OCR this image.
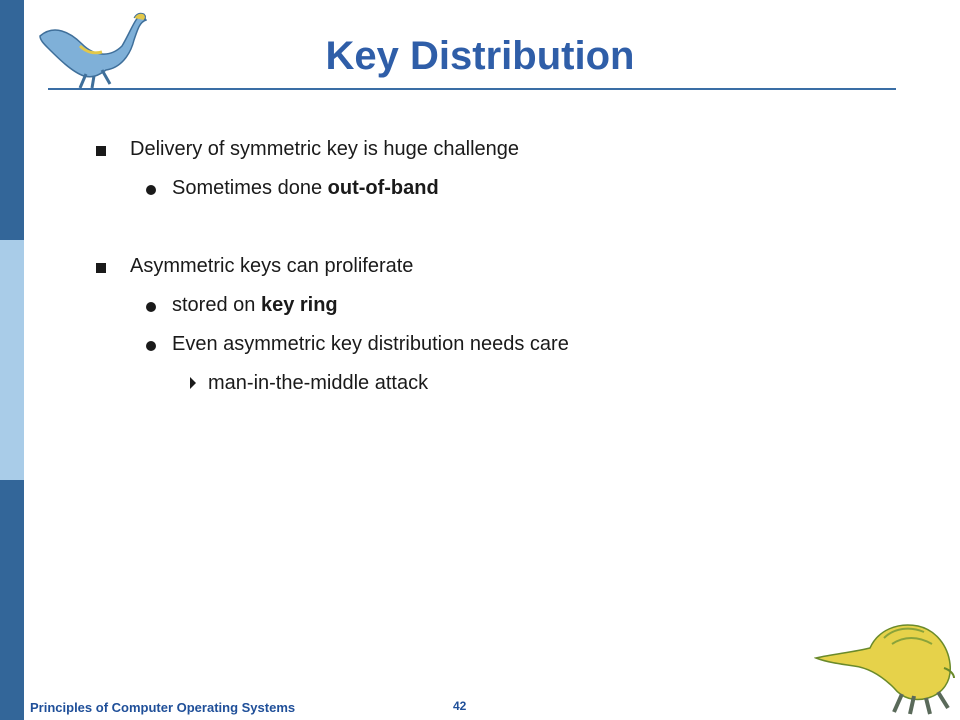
Key Distribution
Delivery of symmetric key is huge challenge
Sometimes done out-of-band
Asymmetric keys can proliferate
stored on key ring
Even asymmetric key distribution needs care
man-in-the-middle attack
Principles of Computer Operating Systems	42
